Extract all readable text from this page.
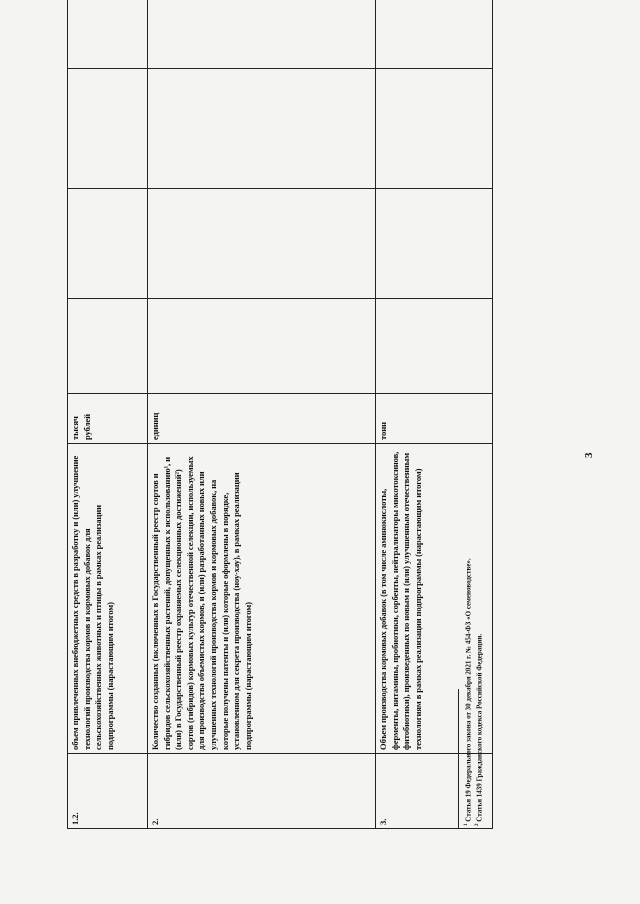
3
1.2.	объем привлеченных внебюджетных средств в разработку и (или) улучшение технологий производства кормов и кормовых добавок для сельскохозяйственных животных и птицы в рамках реализации подпрограммы (нарастающим итогом)	тысяч рублей					
2.	Количество созданных (включенных в Государственный реестр сортов и гибридов сельскохозяйственных растений, допущенных к использованию¹, и (или) в Государственный реестр охраняемых селекционных достижений²) сортов (гибридов) кормовых культур отечественной селекции, используемых для производства объемистых кормов, и (или) разработанных новых или улучшенных технологий производства кормов и кормовых добавок, на которые получены патенты и (или) которые оформлены в порядке, установленном для секрета производства (ноу-хау), в рамках реализации подпрограммы (нарастающим итогом)	единиц					
3.	Объем производства кормовых добавок (в том числе аминокислоты, ферменты, витамины, пробиотики, сорбенты, нейтрализаторы микотоксинов, фитобиотики), произведенных по новым и (или) улучшенным отечественным технологиям в рамках реализации подпрограммы (нарастающим итогом)	тонн					
$^1$ Статья 19 Федерального закона от 30 декабря 2021 г. № 454-ФЗ «О семеноводстве».
$^2$ Статья 1439 Гражданского кодекса Российской Федерации.
